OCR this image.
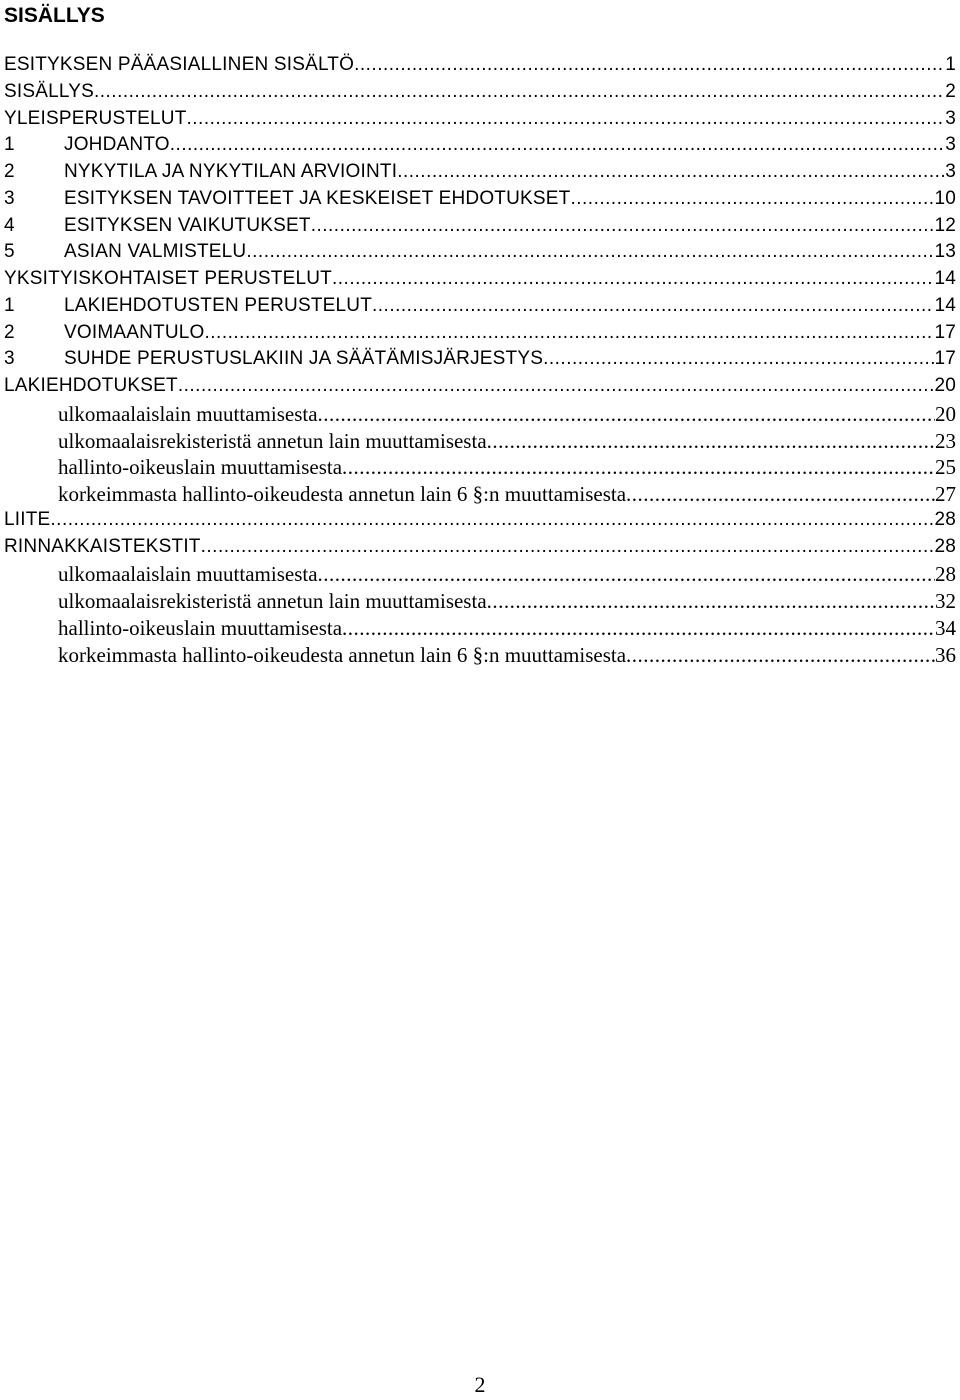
SISÄLLYS
ESITYKSEN PÄÄASIALLINEN SISÄLTÖ .....	1
SISÄLLYS .....	2
YLEISPERUSTELUT .....	3
1	JOHDANTO .....	3
2	NYKYTILA JA NYKYTILAN ARVIOINTI .....	3
3	ESITYKSEN TAVOITTEET JA KESKEISET EHDOTUKSET .....	10
4	ESITYKSEN VAIKUTUKSET .....	12
5	ASIAN VALMISTELU .....	13
YKSITYISKOHTAISET PERUSTELUT .....	14
1	LAKIEHDOTUSTEN PERUSTELUT .....	14
2	VOIMAANTULO .....	17
3	SUHDE PERUSTUSLAKIIN JA SÄÄTÄMISJÄRJESTYS .....	17
LAKIEHDOTUKSET .....	20
ulkomaalaislain muuttamisesta .....	20
ulkomaalaisrekisteristä annetun lain muuttamisesta .....	23
hallinto-oikeuslain muuttamisesta .....	25
korkeimmasta hallinto-oikeudesta annetun lain 6 §:n muuttamisesta .....	27
LIITE .....	28
RINNAKKAISTEKSTIT .....	28
ulkomaalaislain muuttamisesta .....	28
ulkomaalaisrekisteristä annetun lain muuttamisesta .....	32
hallinto-oikeuslain muuttamisesta .....	34
korkeimmasta hallinto-oikeudesta annetun lain 6 §:n muuttamisesta .....	36
2
